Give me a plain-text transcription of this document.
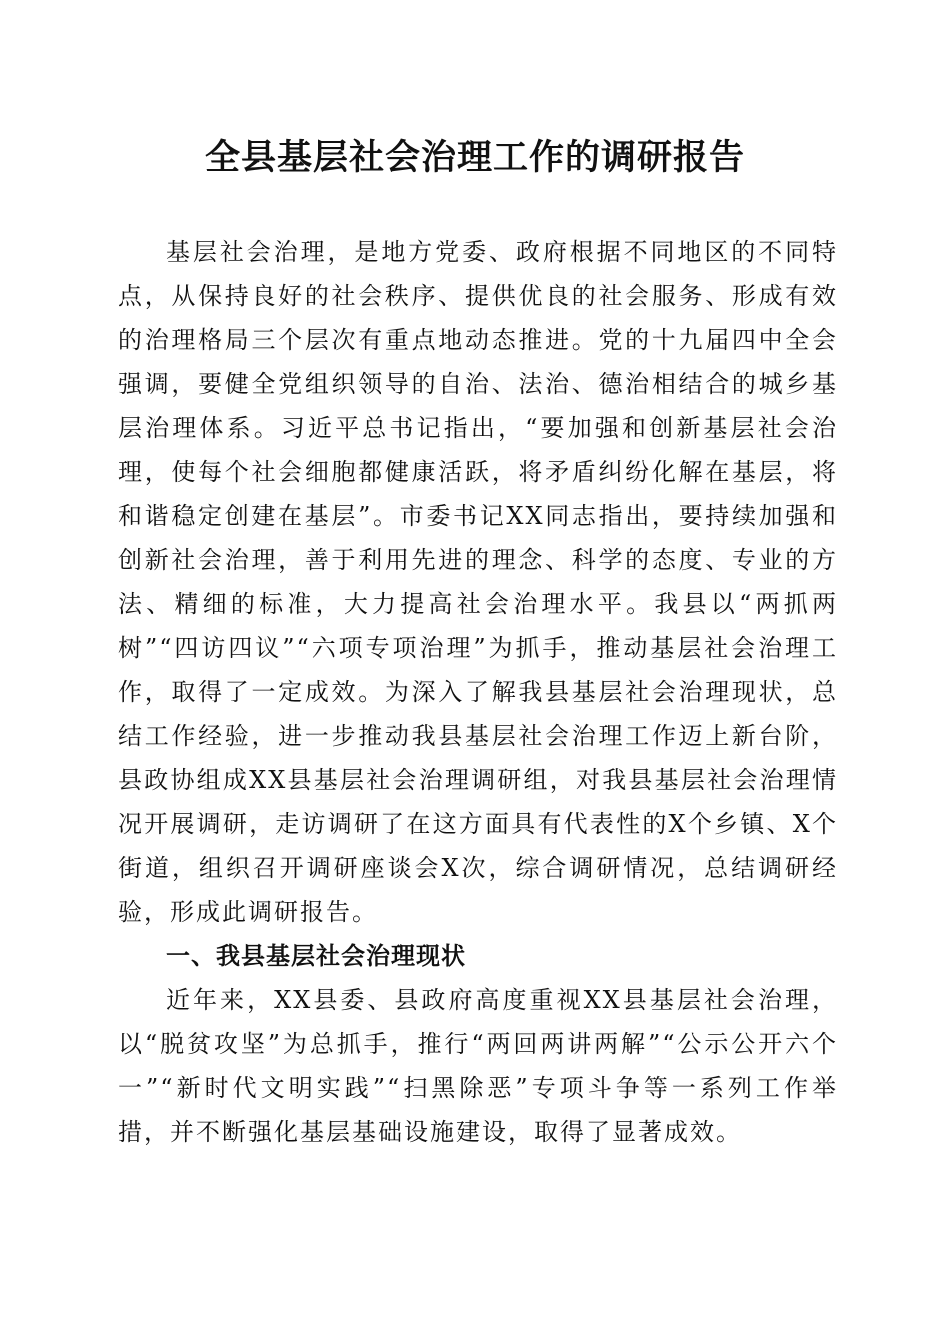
全县基层社会治理工作的调研报告

基层社会治理，是地方党委、政府根据不同地区的不同特点，从保持良好的社会秩序、提供优良的社会服务、形成有效的治理格局三个层次有重点地动态推进。党的十九届四中全会强调，要健全党组织领导的自治、法治、德治相结合的城乡基层治理体系。习近平总书记指出，“要加强和创新基层社会治理，使每个社会细胞都健康活跃，将矛盾纠纷化解在基层，将和谐稳定创建在基层”。市委书记XX同志指出，要持续加强和创新社会治理，善于利用先进的理念、科学的态度、专业的方法、精细的标准，大力提高社会治理水平。我县以“两抓两树”“四访四议”“六项专项治理”为抓手，推动基层社会治理工作，取得了一定成效。为深入了解我县基层社会治理现状，总结工作经验，进一步推动我县基层社会治理工作迈上新台阶，县政协组成XX县基层社会治理调研组，对我县基层社会治理情况开展调研，走访调研了在这方面具有代表性的X个乡镇、X个街道，组织召开调研座谈会X次，综合调研情况，总结调研经验，形成此调研报告。

一、我县基层社会治理现状

近年来，XX县委、县政府高度重视XX县基层社会治理，以“脱贫攻坚”为总抓手，推行“两回两讲两解”“公示公开六个一”“新时代文明实践”“扫黑除恶”专项斗争等一系列工作举措，并不断强化基层基础设施建设，取得了显著成效。
